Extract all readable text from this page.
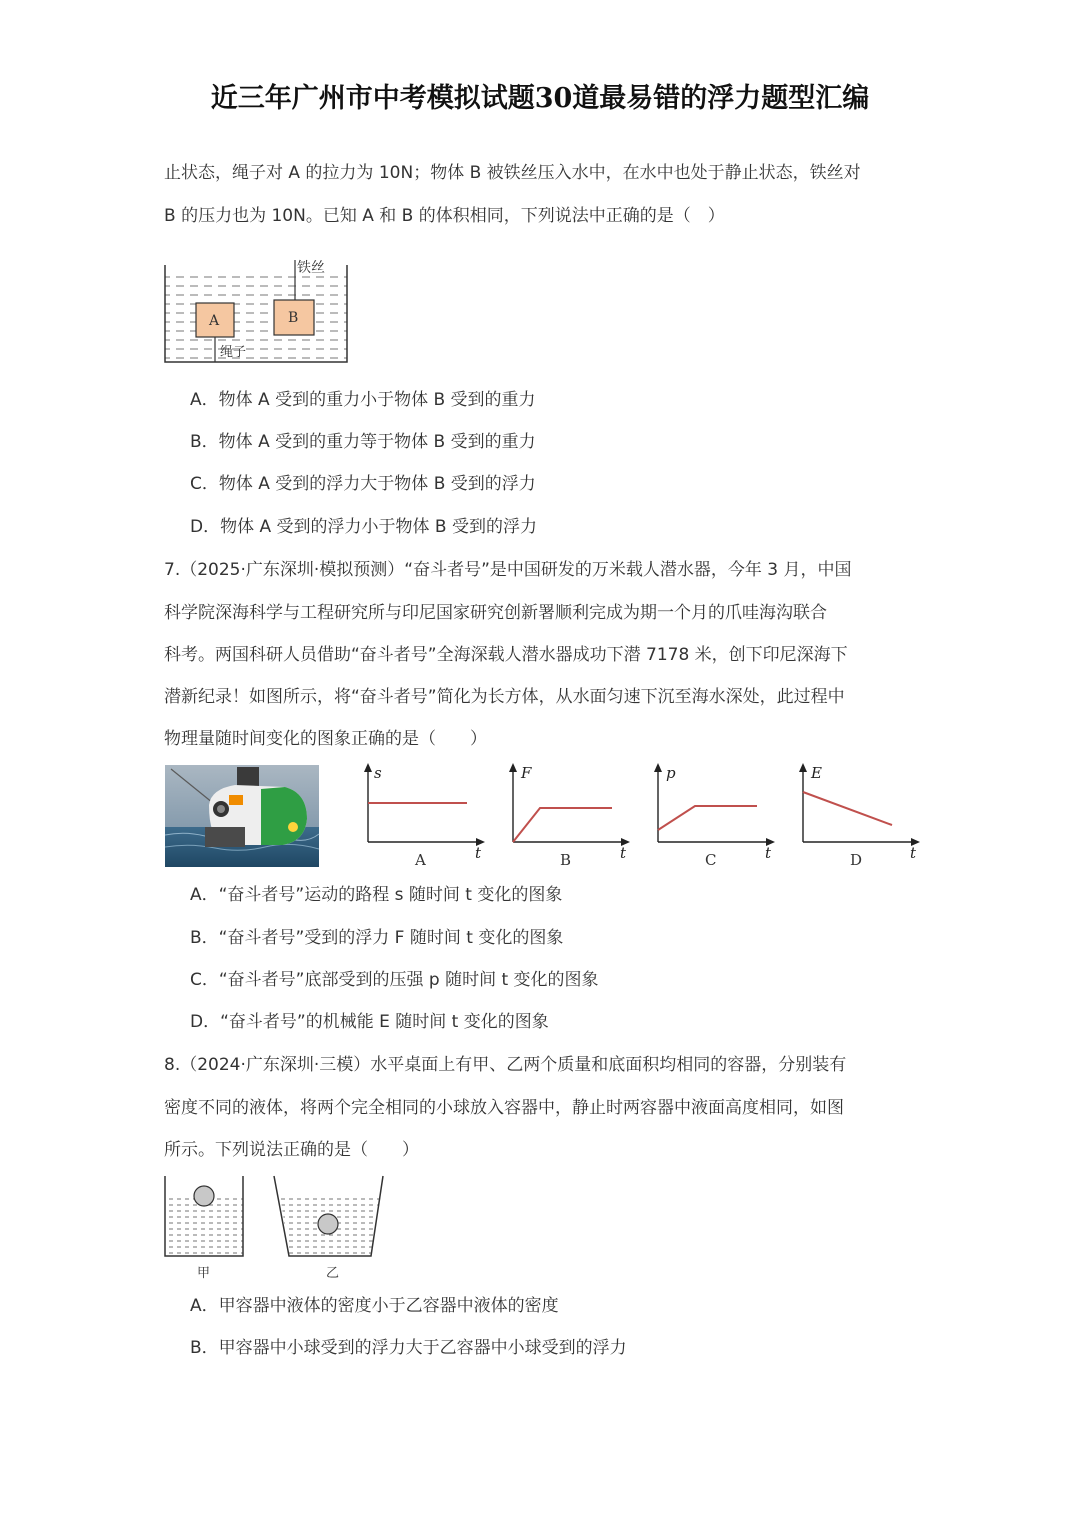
近三年广州市中考模拟试题30道最易错的浮力题型汇编
止状态，绳子对 A 的拉力为 10N；物体 B 被铁丝压入水中，在水中也处于静止状态，铁丝对
B 的压力也为 10N。已知 A 和 B 的体积相同，下列说法中正确的是（　）
铁丝
A	B
绳子
A．物体 A 受到的重力小于物体 B 受到的重力
B．物体 A 受到的重力等于物体 B 受到的重力
C．物体 A 受到的浮力大于物体 B 受到的浮力
D．物体 A 受到的浮力小于物体 B 受到的浮力
7.（2025·广东深圳·模拟预测）“奋斗者号”是中国研发的万米载人潜水器，今年 3 月，中国
科学院深海科学与工程研究所与印尼国家研究创新署顺利完成为期一个月的爪哇海沟联合
科考。两国科研人员借助“奋斗者号”全海深载人潜水器成功下潜 7178 米，创下印尼深海下
潜新纪录！如图所示，将“奋斗者号”简化为长方体，从水面匀速下沉至海水深处，此过程中
物理量随时间变化的图象正确的是（　　）
s
t
A
F
t
B
p
t
C
E
t
D
A．“奋斗者号”运动的路程 s 随时间 t 变化的图象
B．“奋斗者号”受到的浮力 F 随时间 t 变化的图象
C．“奋斗者号”底部受到的压强 p 随时间 t 变化的图象
D．“奋斗者号”的机械能 E 随时间 t 变化的图象
8.（2024·广东深圳·三模）水平桌面上有甲、乙两个质量和底面积均相同的容器，分别装有
密度不同的液体，将两个完全相同的小球放入容器中，静止时两容器中液面高度相同，如图
所示。下列说法正确的是（　　）
甲	乙
A．甲容器中液体的密度小于乙容器中液体的密度
B．甲容器中小球受到的浮力大于乙容器中小球受到的浮力
